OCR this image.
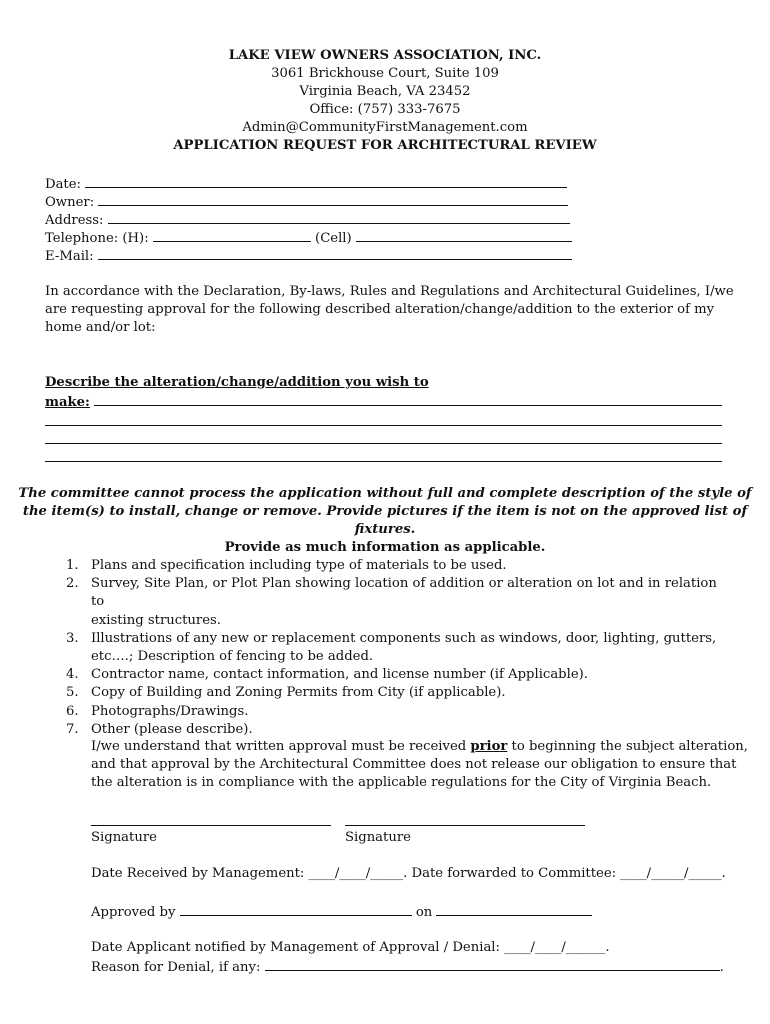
LAKE VIEW OWNERS ASSOCIATION, INC.
3061 Brickhouse Court, Suite 109
Virginia Beach, VA 23452
Office: (757) 333-7675
Admin@CommunityFirstManagement.com
APPLICATION REQUEST FOR ARCHITECTURAL REVIEW
Date:
Owner:
Address:
Telephone: (H):	(Cell)
E-Mail:
In accordance with the Declaration, By-laws, Rules and Regulations and Architectural Guidelines, I/we
are requesting approval for the following described alteration/change/addition to the exterior of my
home and/or lot:
Describe the alteration/change/addition you wish to
make:
The committee cannot process the application without full and complete description of the style of
the item(s) to install, change or remove. Provide pictures if the item is not on the approved list of
fixtures.
Provide as much information as applicable.
1. Plans and specification including type of materials to be used.
2. Survey, Site Plan, or Plot Plan showing location of addition or alteration on lot and in relation to
existing structures.
3. Illustrations of any new or replacement components such as windows, door, lighting, gutters,
etc….; Description of fencing to be added.
4. Contractor name, contact information, and license number (if Applicable).
5. Copy of Building and Zoning Permits from City (if applicable).
6. Photographs/Drawings.
7. Other (please describe).
I/we understand that written approval must be received prior to beginning the subject alteration,
and that approval by the Architectural Committee does not release our obligation to ensure that
the alteration is in compliance with the applicable regulations for the City of Virginia Beach.
Signature	Signature
Date Received by Management: ____/____/_____. Date forwarded to Committee: ____/_____/_____.
Approved by	on
Date Applicant notified by Management of Approval / Denial: ____/____/______.
Reason for Denial, if any:	.
